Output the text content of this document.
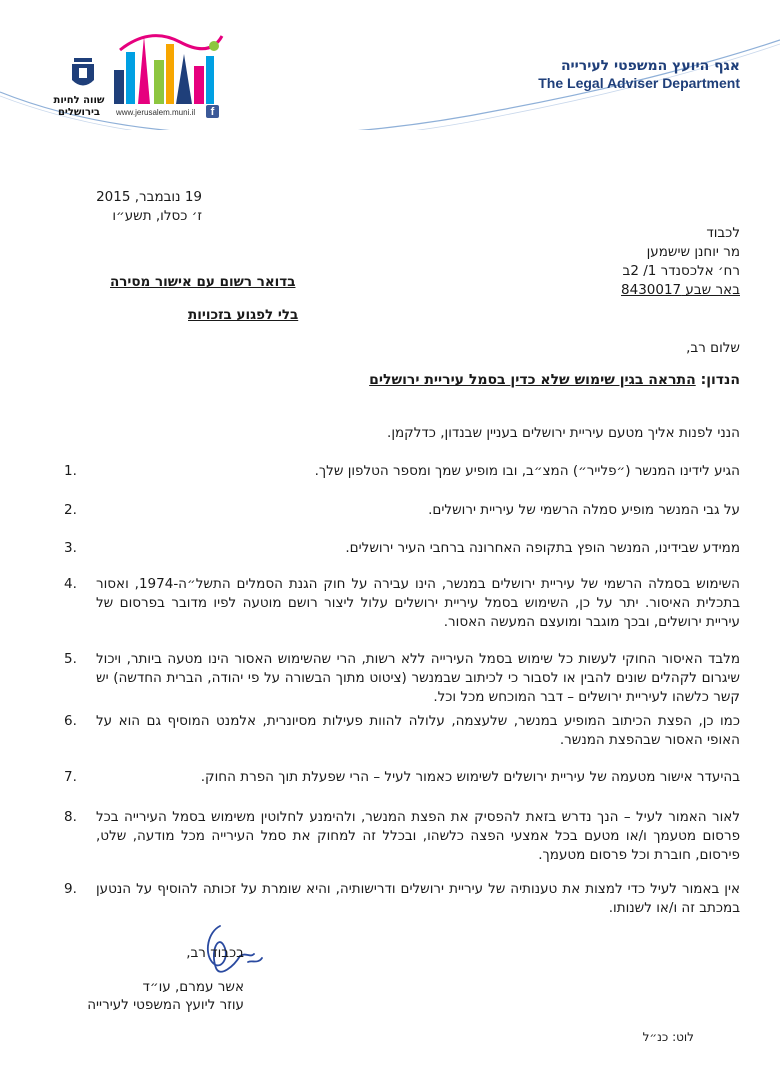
אגף היועץ המשפטי לעירייה
The Legal Adviser Department
שווה לחיות בירושלים	www.jerusalem.muni.il	f
19 נובמבר, 2015
ז׳ כסלו, תשע״ו
לכבוד
מר יוחנן שישמען
רח׳ אלכסנדר 1/ 2ב
באר שבע 8430017
בדואר רשום עם אישור מסירה
בלי לפגוע בזכויות
שלום רב,
הנדון: התראה בגין שימוש שלא כדין בסמל עיריית ירושלים
הנני לפנות אליך מטעם עיריית ירושלים בעניין שבנדון, כדלקמן.
1.	הגיע לידינו המנשר (״פלייר״) המצ״ב, ובו מופיע שמך ומספר הטלפון שלך.
2.	על גבי המנשר מופיע סמלה הרשמי של עיריית ירושלים.
3.	ממידע שבידינו, המנשר הופץ בתקופה האחרונה ברחבי העיר ירושלים.
4. השימוש בסמלה הרשמי של עיריית ירושלים במנשר, הינו עבירה על חוק הגנת הסמלים התשל״ה-1974, ואסור בתכלית האיסור. יתר על כן, השימוש בסמל עיריית ירושלים עלול ליצור רושם מוטעה לפיו מדובר בפרסום של עיריית ירושלים, ובכך מוגבר ומועצם המעשה האסור.
5. מלבד האיסור החוקי לעשות כל שימוש בסמל העירייה ללא רשות, הרי שהשימוש האסור הינו מטעה ביותר, ויכול שיגרום לקהלים שונים להבין או לסבור כי לכיתוב שבמנשר (ציטוט מתוך הבשורה על פי יהודה, הברית החדשה) יש קשר כלשהו לעיריית ירושלים – דבר המוכחש מכל וכל.
6. כמו כן, הפצת הכיתוב המופיע במנשר, שלעצמה, עלולה להוות פעילות מסיונרית, אלמנט המוסיף גם הוא על האופי האסור שבהפצת המנשר.
7.	בהיעדר אישור מטעמה של עיריית ירושלים לשימוש כאמור לעיל – הרי שפעלת תוך הפרת החוק.
8. לאור האמור לעיל – הנך נדרש בזאת להפסיק את הפצת המנשר, ולהימנע לחלוטין משימוש בסמל העירייה בכל פרסום מטעמך ו/או מטעם בכל אמצעי הפצה כלשהו, ובכלל זה למחוק את סמל העירייה מכל מודעה, שלט, פירסום, חוברת וכל פרסום מטעמך.
9. אין באמור לעיל כדי למצות את טענותיה של עיריית ירושלים ודרישותיה, והיא שומרת על זכותה להוסיף על הנטען במכתב זה ו/או לשנותו.
בכבוד רב,
אשר עמרם, עו״ד
עוזר ליועץ המשפטי לעירייה
לוט: כנ״ל
